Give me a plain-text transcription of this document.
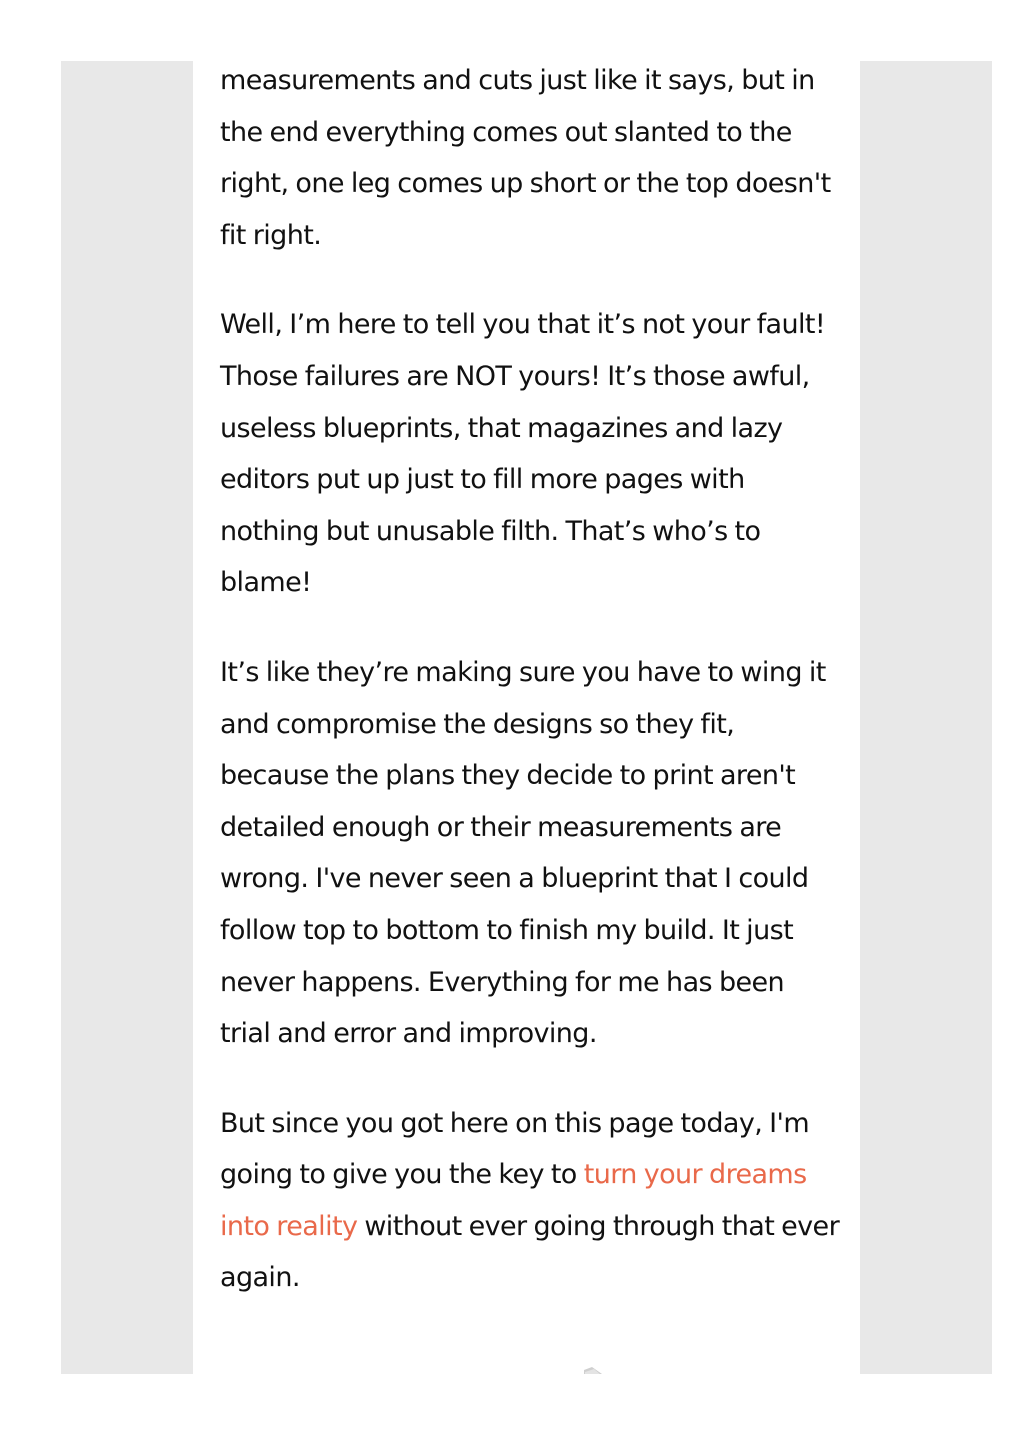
measurements and cuts just like it says, but in the end everything comes out slanted to the right, one leg comes up short or the top doesn't fit right.

Well, I’m here to tell you that it’s not your fault! Those failures are NOT yours! It’s those awful, useless blueprints, that magazines and lazy editors put up just to fill more pages with nothing but unusable filth. That’s who’s to blame!

It’s like they’re making sure you have to wing it and compromise the designs so they fit, because the plans they decide to print aren't detailed enough or their measurements are wrong. I've never seen a blueprint that I could follow top to bottom to finish my build. It just never happens. Everything for me has been trial and error and improving.

But since you got here on this page today, I'm going to give you the key to turn your dreams into reality without ever going through that ever again.
